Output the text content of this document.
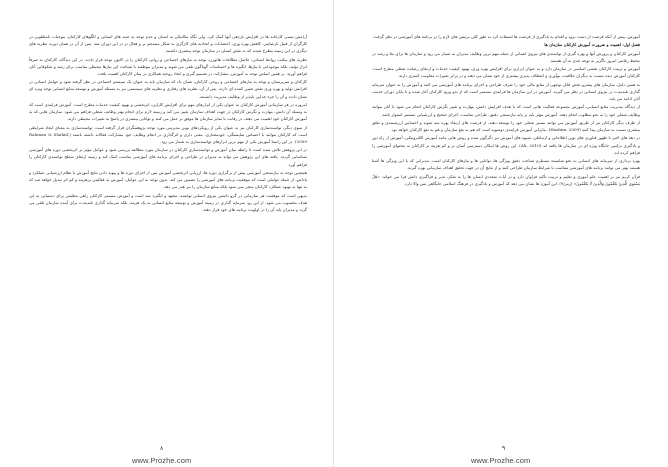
آرامش نسبی کارخانه ها در افزایش بازدهی آنها کمک کرد. ولی نگاه مکانیکی به انسان و عدم توجه به جنبه های انسانی و الگوهای کارکنان، موجبات نامطلوبی در کارگران از قبیل نارضایتی، کاهش بهره وری، اعتصابات و اتحادیه های کارگری به شکل منسجم تر و فعال تر در این دوران شد. پس از آن در همان دوره، نظریه های دیگری در این زمینه مطرح شدند که به نقش انسان در سازمان توجه بیشتری داشتند.

نظریه های مکتب روابط انسانی، حاصل مطالعات هاثورن، توجه به نیازهای اجتماعی و روانی کارکنان را در کانون توجه قرار دادند. در این دیدگاه، کارکنان نه صرفاً ابزار تولید، بلکه موجوداتی با نیازها، انگیزه ها و احساسات گوناگون تلقی می شوند و مدیران موظفند با شناخت این نیازها محیطی مناسب برای رشد و شکوفایی آنان فراهم آورند. بر همین اساس توجه به آموزش، مشارکت در تصمیم گیری و ایجاد روحیه همکاری در میان کارکنان اهمیت یافت.

کارکنان و سرپرستان و توجه به نیازهای اجتماعی و روحی کارکنان، نشان داد که سازمان باید به عنوان یک سیستم اجتماعی در نظر گرفته شود و عوامل انسانی در افزایش تولید و بهره وری نقش تعیین کننده ای دارند. پس از آن، نظریه های رفتاری و نظریه های سیستمی نیز به مسئله آموزش و توسعه منابع انسانی توجه ویژه ای نشان دادند و آن را جزء جدایی ناپذیر از وظایف مدیریت دانستند.

امروزه در هر سازمانی آموزش کارکنان به عنوان یکی از ابزارهای مهم برای افزایش کارایی، اثربخشی و بهبود کیفیت خدمات مطرح است. آموزش فرایندی است که به وسیله آن دانش، مهارت و نگرش کارکنان در جهت اهداف سازمان تغییر می کند و زمینه لازم برای انجام بهتر وظایف شغلی فراهم می شود. سازمان هایی که به آموزش کارکنان خود اهمیت می دهند، در رقابت با سایر سازمان ها موفق تر عمل می کنند و توانایی بیشتری در پاسخ به تغییرات محیطی دارند.

از سوی دیگر، توانمندسازی کارکنان نیز به عنوان یکی از رویکردهای نوین مدیریتی مورد توجه پژوهشگران قرار گرفته است. توانمندسازی به معنای ایجاد شرایطی است که کارکنان بتوانند با احساس شایستگی، خودمختاری، معنی داری و اثرگذاری در انجام وظایف خود مشارکت فعالانه داشته باشند (Rahman & Shahid, 2009). در این راستا آموزش یکی از مهم ترین ابزارهای توانمندسازی به شمار می رود.

در این پژوهش تلاش شده است تا رابطه میان آموزش و توانمندسازی کارکنان در سازمان مورد مطالعه بررسی شود و عوامل مؤثر بر اثربخشی دوره های آموزشی شناسایی گردند. یافته های این پژوهش می تواند به مدیران در طراحی و اجرای برنامه های آموزشی مناسب کمک کند و زمینه ارتقای سطح توانمندی کارکنان را فراهم آورد.

همچنین توجه به نیازسنجی آموزشی پیش از برگزاری دوره ها، ارزیابی اثربخشی آموزش پس از اجرای دوره ها و پیوند دادن نتایج آموزش با نظام ارزشیابی عملکرد و پاداش، از جمله عواملی است که موفقیت برنامه های آموزشی را تضمین می کند. بدون توجه به این عوامل، آموزش به فعالیتی پرهزینه و کم اثر تبدیل خواهد شد که نه تنها به بهبود عملکرد کارکنان منجر نمی شود بلکه منابع سازمان را نیز هدر می دهد.

بدیهی است که موفقیت هر سازمانی در گرو داشتن نیروی انسانی توانمند، متعهد و انگیزه مند است و آموزش مستمر کارکنان راهی مطمئن برای دستیابی به این هدف محسوب می شود. از این رو، سرمایه گذاری در زمینه آموزش و توسعه منابع انسانی نه یک هزینه، بلکه سرمایه گذاری بلندمدت برای آینده سازمان تلقی می گردد و مدیران باید آن را در اولویت برنامه های خود قرار دهند.

۸
www.Prozhe.com

آموزش، پیش از آنکه فرصت از دست برود و اقدام به یادگیری از فرصت ها استفاده کرد به طور کلی نرمش های لازم را در برنامه های آموزشی در نظر گرفت.

فصل اول: اهمیت و ضرورت آموزش کارکنان سازمان ها

آموزش کارکنان و پرورش آنها و بهره گیری از توانمندی های نیروی انسانی از جمله مهم ترین وظایف مدیران به شمار می رود و سازمان ها برای بقا و رشد در محیط رقابتی امروز ناگزیر به توجه جدی به آن هستند.

آموزش و تربیت کارکنان نقشی اساسی در سازمان دارد و به عنوان ابزاری برای افزایش بهره وری، بهبود کیفیت خدمات و ارتقای رضایت شغلی مطرح است. کارکنان آموزش دیده نسبت به دیگران خلاقیت، نوآوری و انعطاف پذیری بیشتری از خود نشان می دهند و در برابر تغییرات مقاومت کمتری دارند.

به همین دلیل، سازمان های پیشرو بخش قابل توجهی از منابع مالی خود را صرف طراحی و اجرای برنامه های آموزشی می کنند و آموزش را به عنوان سرمایه گذاری بلندمدت در نیروی انسانی در نظر می گیرند. آموزش در این سازمان ها فرایندی مستمر است که از بدو ورود کارکنان آغاز شده و تا پایان دوران خدمت آنان ادامه می یابد.

از دیدگاه مدیریت منابع انسانی، آموزش مجموعه فعالیت هایی است که با هدف افزایش دانش، مهارت و تغییر نگرش کارکنان انجام می شود تا آنان بتوانند وظایف شغلی خود را به نحو مطلوب انجام دهند. آموزش مؤثر باید بر پایه نیازسنجی دقیق، طراحی مناسب، اجرای صحیح و ارزشیابی مستمر استوار باشد.

از طرف دیگر کارکنان نیز از طریق آموزش می توانند مسیر شغلی خود را توسعه دهند، از فرصت های ارتقاء بهره مند شوند و احساس ارزشمندی و تعلق بیشتری نسبت به سازمان پیدا کنند (Hashim, 2009). بنابراین آموزش فرایندی دوسویه است که هم به نفع سازمان و هم به نفع کارکنان خواهد بود.

در دهه های اخیر با ظهور فناوری های نوین اطلاعاتی و ارتباطی، شیوه های آموزش نیز دگرگون شده و روش هایی مانند آموزش الکترونیکی، آموزش از راه دور و یادگیری ترکیبی جایگاه ویژه ای در سازمان ها یافته اند (Ali, 2010). این روش ها امکان دسترسی آسان تر و کم هزینه تر کارکنان به محتوای آموزشی را فراهم کرده اند.

بهره برداری از سرمایه های انسانی به نحو شایسته مستلزم شناخت دقیق ویژگی ها، توانایی ها و نیازهای کارکنان است. مدیرانی که با این ویژگی ها آشنا هستند بهتر می توانند برنامه های آموزشی متناسب با شرایط سازمان طراحی کنند و از نتایج آن در جهت تحقق اهداف سازمانی بهره گیرند.

قرآن کریم نیز بر اهمیت علم آموزی و تعلیم و تربیت تأکید فراوان دارد و در آیات متعددی انسان ها را به تفکر، تدبر و فراگیری دانش فرا می خواند: «هَلْ يَسْتَوِي الَّذِينَ يَعْلَمُونَ وَالَّذِينَ لَا يَعْلَمُونَ» (زمر/۹). این آموزه ها نشان می دهد که آموزش و یادگیری در فرهنگ اسلامی جایگاهی بس والا دارد.

۹
www.Prozhe.com
